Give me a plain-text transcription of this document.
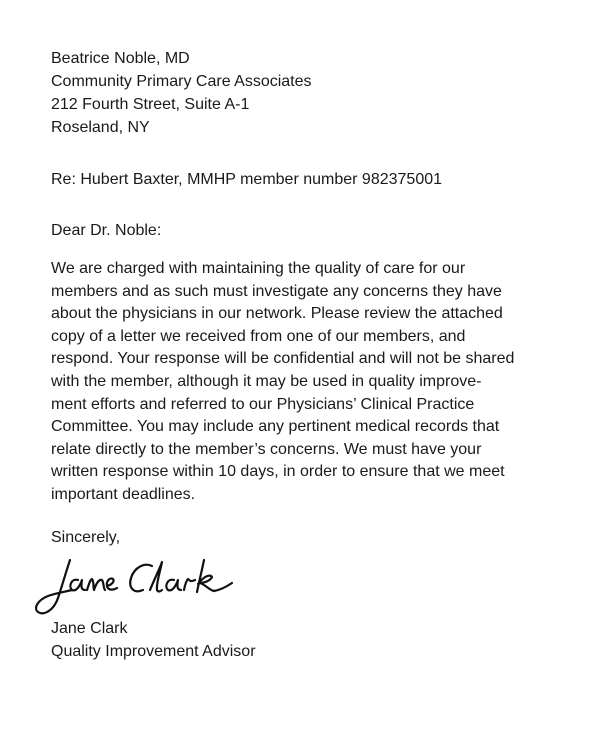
Beatrice Noble, MD
Community Primary Care Associates
212 Fourth Street, Suite A-1
Roseland, NY
Re: Hubert Baxter, MMHP member number 982375001
Dear Dr. Noble:
We are charged with maintaining the quality of care for our
members and as such must investigate any concerns they have
about the physicians in our network. Please review the attached
copy of a letter we received from one of our members, and
respond. Your response will be confidential and will not be shared
with the member, although it may be used in quality improve-
ment efforts and referred to our Physicians’ Clinical Practice
Committee. You may include any pertinent medical records that
relate directly to the member’s concerns. We must have your
written response within 10 days, in order to ensure that we meet
important deadlines.
Sincerely,
Jane Clark
Quality Improvement Advisor
